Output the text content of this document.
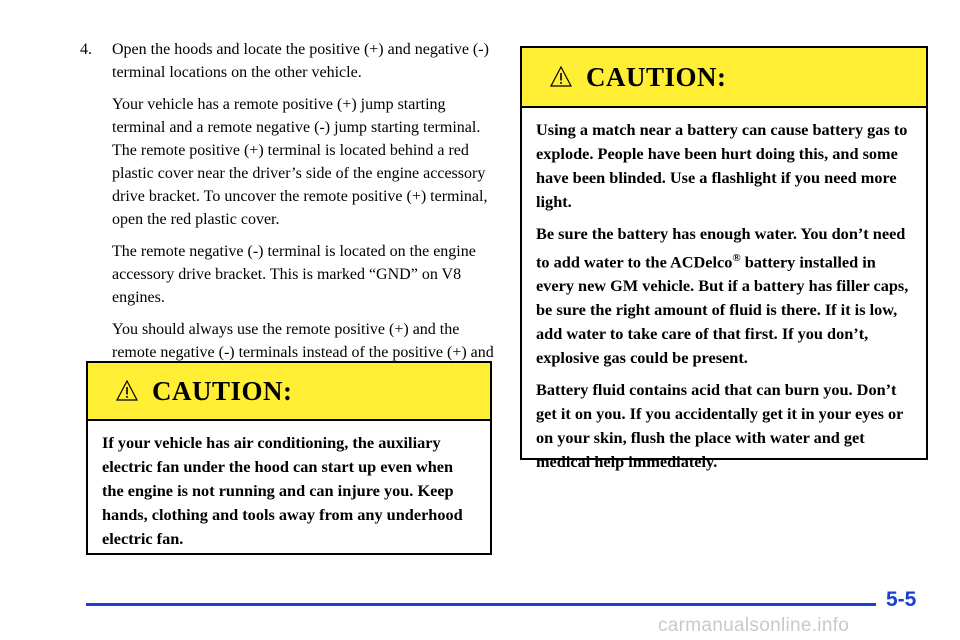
4.	Open the hoods and locate the positive (+) and negative (-) terminal locations on the other vehicle.

Your vehicle has a remote positive (+) jump starting terminal and a remote negative (-) jump starting terminal. The remote positive (+) terminal is located behind a red plastic cover near the driver’s side of the engine accessory drive bracket. To uncover the remote positive (+) terminal, open the red plastic cover.

The remote negative (-) terminal is located on the engine accessory drive bracket. This is marked “GND” on V8 engines.

You should always use the remote positive (+) and the remote negative (-) terminals instead of the positive (+) and

CAUTION:

If your vehicle has air conditioning, the auxiliary electric fan under the hood can start up even when the engine is not running and can injure you. Keep hands, clothing and tools away from any underhood electric fan.

CAUTION:

Using a match near a battery can cause battery gas to explode. People have been hurt doing this, and some have been blinded. Use a flashlight if you need more light.

Be sure the battery has enough water. You don’t need to add water to the ACDelco® battery installed in every new GM vehicle. But if a battery has filler caps, be sure the right amount of fluid is there. If it is low, add water to take care of that first. If you don’t, explosive gas could be present.

Battery fluid contains acid that can burn you. Don’t get it on you. If you accidentally get it in your eyes or on your skin, flush the place with water and get medical help immediately.

5-5
carmanualsonline.info
